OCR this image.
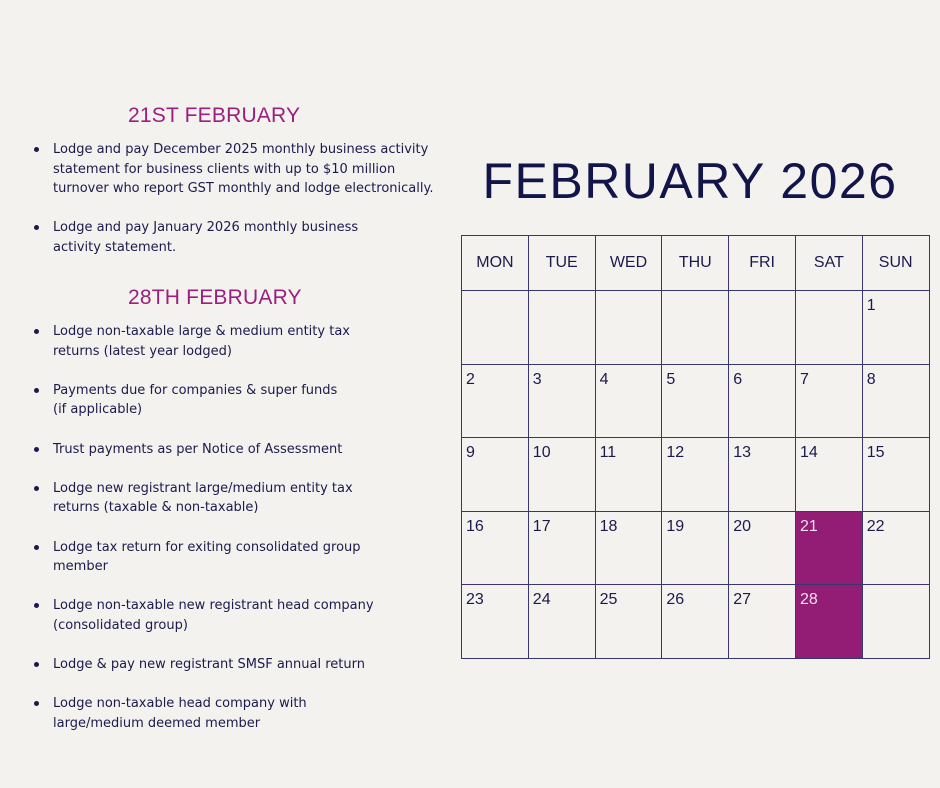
21ST FEBRUARY
Lodge and pay December 2025 monthly business activity statement for business clients with up to $10 million turnover who report GST monthly and lodge electronically.
Lodge and pay January 2026 monthly business activity statement.
28TH FEBRUARY
Lodge non-taxable large & medium entity tax returns (latest year lodged)
Payments due for companies & super funds (if applicable)
Trust payments as per Notice of Assessment
Lodge new registrant large/medium entity tax returns (taxable & non-taxable)
Lodge tax return for exiting consolidated group member
Lodge non-taxable new registrant head company (consolidated group)
Lodge & pay new registrant SMSF annual return
Lodge non-taxable head company with large/medium deemed member
FEBRUARY 2026
MON	TUE	WED	THU	FRI	SAT	SUN
						1
2	3	4	5	6	7	8
9	10	11	12	13	14	15
16	17	18	19	20	21	22
23	24	25	26	27	28	
